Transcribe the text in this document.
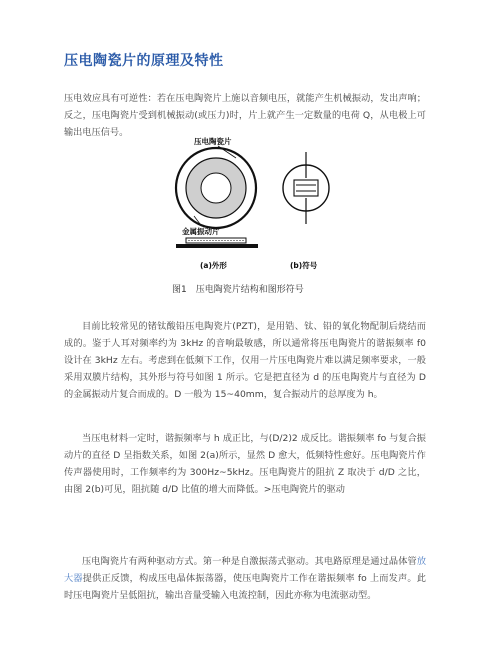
压电陶瓷片的原理及特性
压电效应具有可逆性：若在压电陶瓷片上施以音频电压，就能产生机械振动，发出声响；反之，压电陶瓷片受到机械振动(或压力)时，片上就产生一定数量的电荷 Q，从电极上可输出电压信号。
压电陶瓷片
金属振动片
(a)外形	(b)符号
图1　压电陶瓷片结构和图形符号
目前比较常见的锗钛酸铅压电陶瓷片(PZT)，是用锆、钛、铅的氧化物配制后烧结而成的。鉴于人耳对频率约为 3kHz 的音响最敏感，所以通常将压电陶瓷片的谐振频率 f0 设计在 3kHz 左右。考虑到在低频下工作，仅用一片压电陶瓷片难以满足频率要求，一般采用双膜片结构，其外形与符号如图 1 所示。它是把直径为 d 的压电陶瓷片与直径为 D 的金属振动片复合而成的。D 一般为 15~40mm，复合振动片的总厚度为 h。
当压电材料一定时，谐振频率与 h 成正比，与(D/2)2 成反比。谐振频率 fo 与复合振动片的直径 D 呈指数关系，如图 2(a)所示，显然 D 愈大，低频特性愈好。压电陶瓷片作传声器使用时，工作频率约为 300Hz~5kHz。压电陶瓷片的阻抗 Z 取决于 d/D 之比，由图 2(b)可见，阻抗随 d/D 比值的增大而降低。>压电陶瓷片的驱动
压电陶瓷片有两种驱动方式。第一种是自激振荡式驱动。其电路原理是通过晶体管放大器提供正反馈，构成压电晶体振荡器，使压电陶瓷片工作在谐振频率 fo 上而发声。此时压电陶瓷片呈低阻抗，输出音量受输入电流控制，因此亦称为电流驱动型。
